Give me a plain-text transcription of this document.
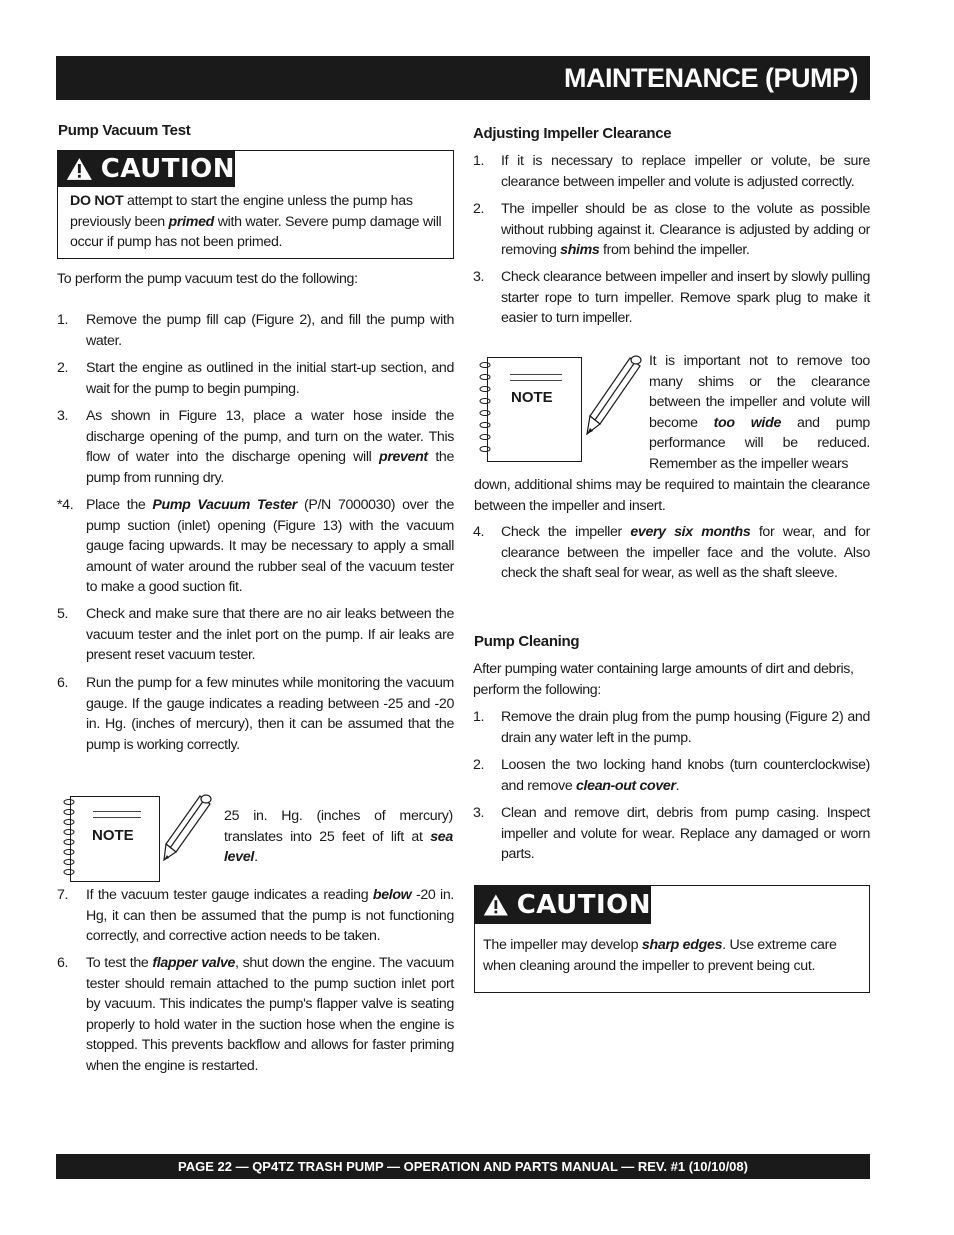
MAINTENANCE (PUMP)
Pump Vacuum Test
CAUTION
DO NOT attempt to start the engine unless the pump has previously been primed with water. Severe pump damage will occur if pump has not been primed.
To perform the pump vacuum test do the following:
1.	Remove the pump fill cap (Figure 2), and fill the pump with water.
2.	Start the engine as outlined in the initial start-up section, and wait for the pump to begin pumping.
3.	As shown in Figure 13, place a water hose inside the discharge opening of the pump, and turn on the water. This flow of water into the discharge opening will prevent the pump from running dry.
*4. Place the Pump Vacuum Tester (P/N 7000030) over the pump suction (inlet) opening (Figure 13) with the vacuum gauge facing upwards. It may be necessary to apply a small amount of water around the rubber seal of the vacuum tester to make a good suction fit.
5.	Check and make sure that there are no air leaks between the vacuum tester and the inlet port on the pump. If air leaks are present reset vacuum tester.
6.	Run the pump for a few minutes while monitoring the vacuum gauge. If the gauge indicates a reading between -25 and -20 in. Hg. (inches of mercury), then it can be assumed that the pump is working correctly.
NOTE
25 in. Hg. (inches of mercury) translates into 25 feet of lift at sea level.
7.	If the vacuum tester gauge indicates a reading below -20 in. Hg, it can then be assumed that the pump is not functioning correctly, and corrective action needs to be taken.
6.	To test the flapper valve, shut down the engine. The vacuum tester should remain attached to the pump suction inlet port by vacuum. This indicates the pump's flapper valve is seating properly to hold water in the suction hose when the engine is stopped. This prevents backflow and allows for faster priming when the engine is restarted.
Adjusting Impeller Clearance
1.	If it is necessary to replace impeller or volute, be sure clearance between impeller and volute is adjusted correctly.
2.	The impeller should be as close to the volute as possible without rubbing against it. Clearance is adjusted by adding or removing shims from behind the impeller.
3.	Check clearance between impeller and insert by slowly pulling starter rope to turn impeller. Remove spark plug to make it easier to turn impeller.
NOTE
It is important not to remove too many shims or the clearance between the impeller and volute will become too wide and pump performance will be reduced. Remember as the impeller wears
down, additional shims may be required to maintain the clearance between the impeller and insert.
4.	Check the impeller every six months for wear, and for clearance between the impeller face and the volute. Also check the shaft seal for wear, as well as the shaft sleeve.
Pump Cleaning
After pumping water containing large amounts of dirt and debris, perform the following:
1.	Remove the drain plug from the pump housing (Figure 2) and drain any water left in the pump.
2.	Loosen the two locking hand knobs (turn counterclockwise) and remove clean-out cover.
3.	Clean and remove dirt, debris from pump casing. Inspect impeller and volute for wear. Replace any damaged or worn parts.
CAUTION
The impeller may develop sharp edges. Use extreme care when cleaning around the impeller to prevent being cut.
PAGE 22 — QP4TZ TRASH PUMP — OPERATION AND PARTS MANUAL — REV. #1 (10/10/08)
